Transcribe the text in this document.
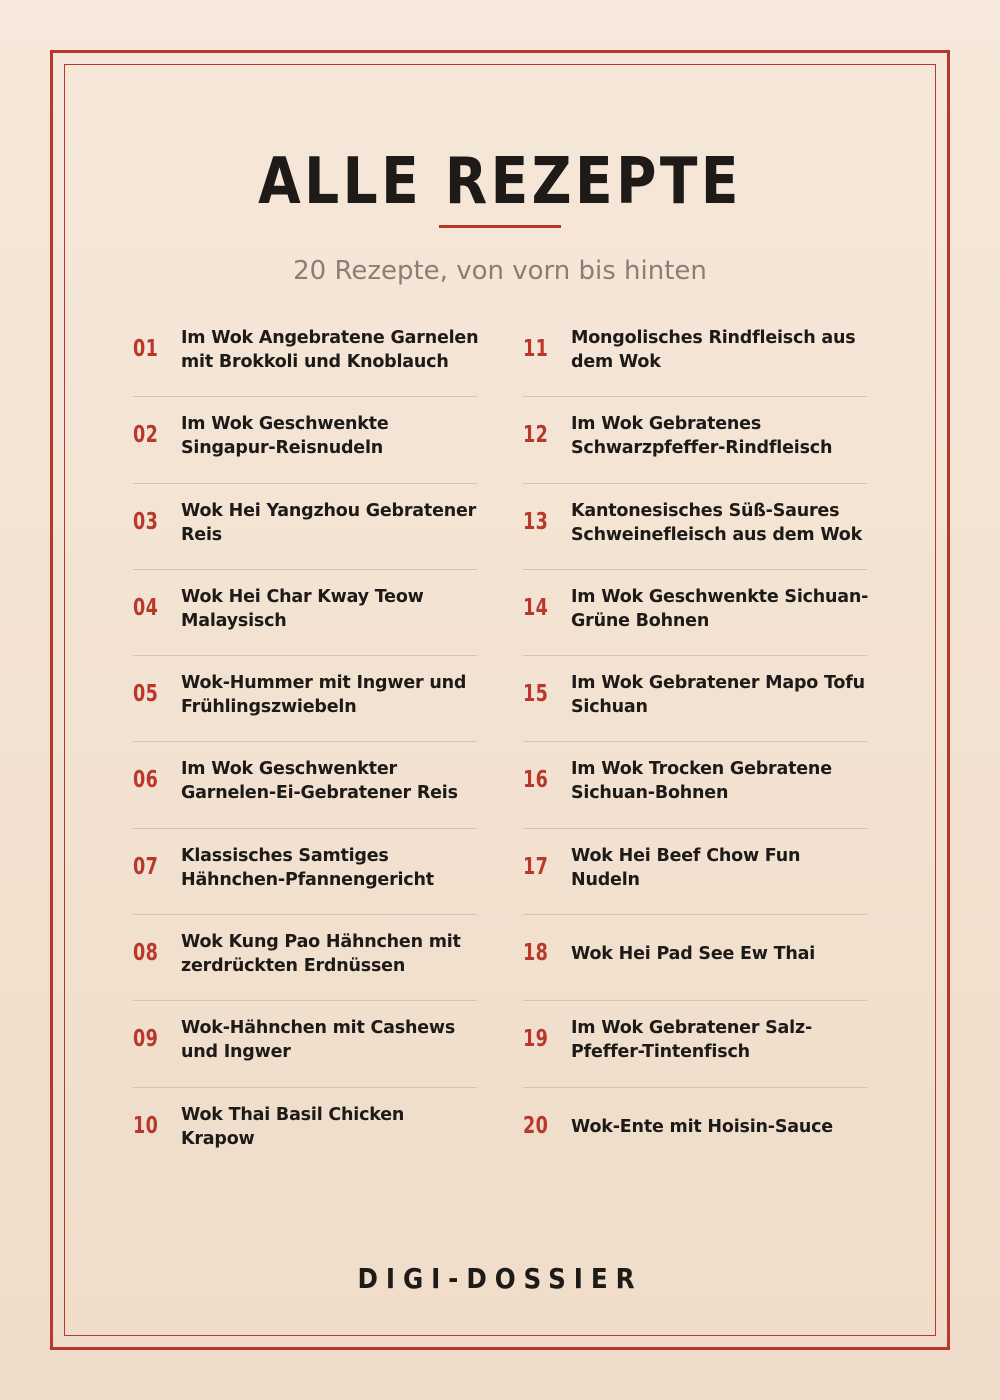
ALLE REZEPTE
20 Rezepte, von vorn bis hinten
01 Im Wok Angebratene Garnelen mit Brokkoli und Knoblauch
02 Im Wok Geschwenkte Singapur-Reisnudeln
03 Wok Hei Yangzhou Gebratener Reis
04 Wok Hei Char Kway Teow Malaysisch
05 Wok-Hummer mit Ingwer und Frühlingszwiebeln
06 Im Wok Geschwenkter Garnelen-Ei-Gebratener Reis
07 Klassisches Samtiges Hähnchen-Pfannengericht
08 Wok Kung Pao Hähnchen mit zerdrückten Erdnüssen
09 Wok-Hähnchen mit Cashews und Ingwer
10 Wok Thai Basil Chicken Krapow
11 Mongolisches Rindfleisch aus dem Wok
12 Im Wok Gebratenes Schwarzpfeffer-Rindfleisch
13 Kantonesisches Süß-Saures Schweinefleisch aus dem Wok
14 Im Wok Geschwenkte Sichuan-Grüne Bohnen
15 Im Wok Gebratener Mapo Tofu Sichuan
16 Im Wok Trocken Gebratene Sichuan-Bohnen
17 Wok Hei Beef Chow Fun Nudeln
18 Wok Hei Pad See Ew Thai
19 Im Wok Gebratener Salz-Pfeffer-Tintenfisch
20 Wok-Ente mit Hoisin-Sauce
DIGI-DOSSIER
